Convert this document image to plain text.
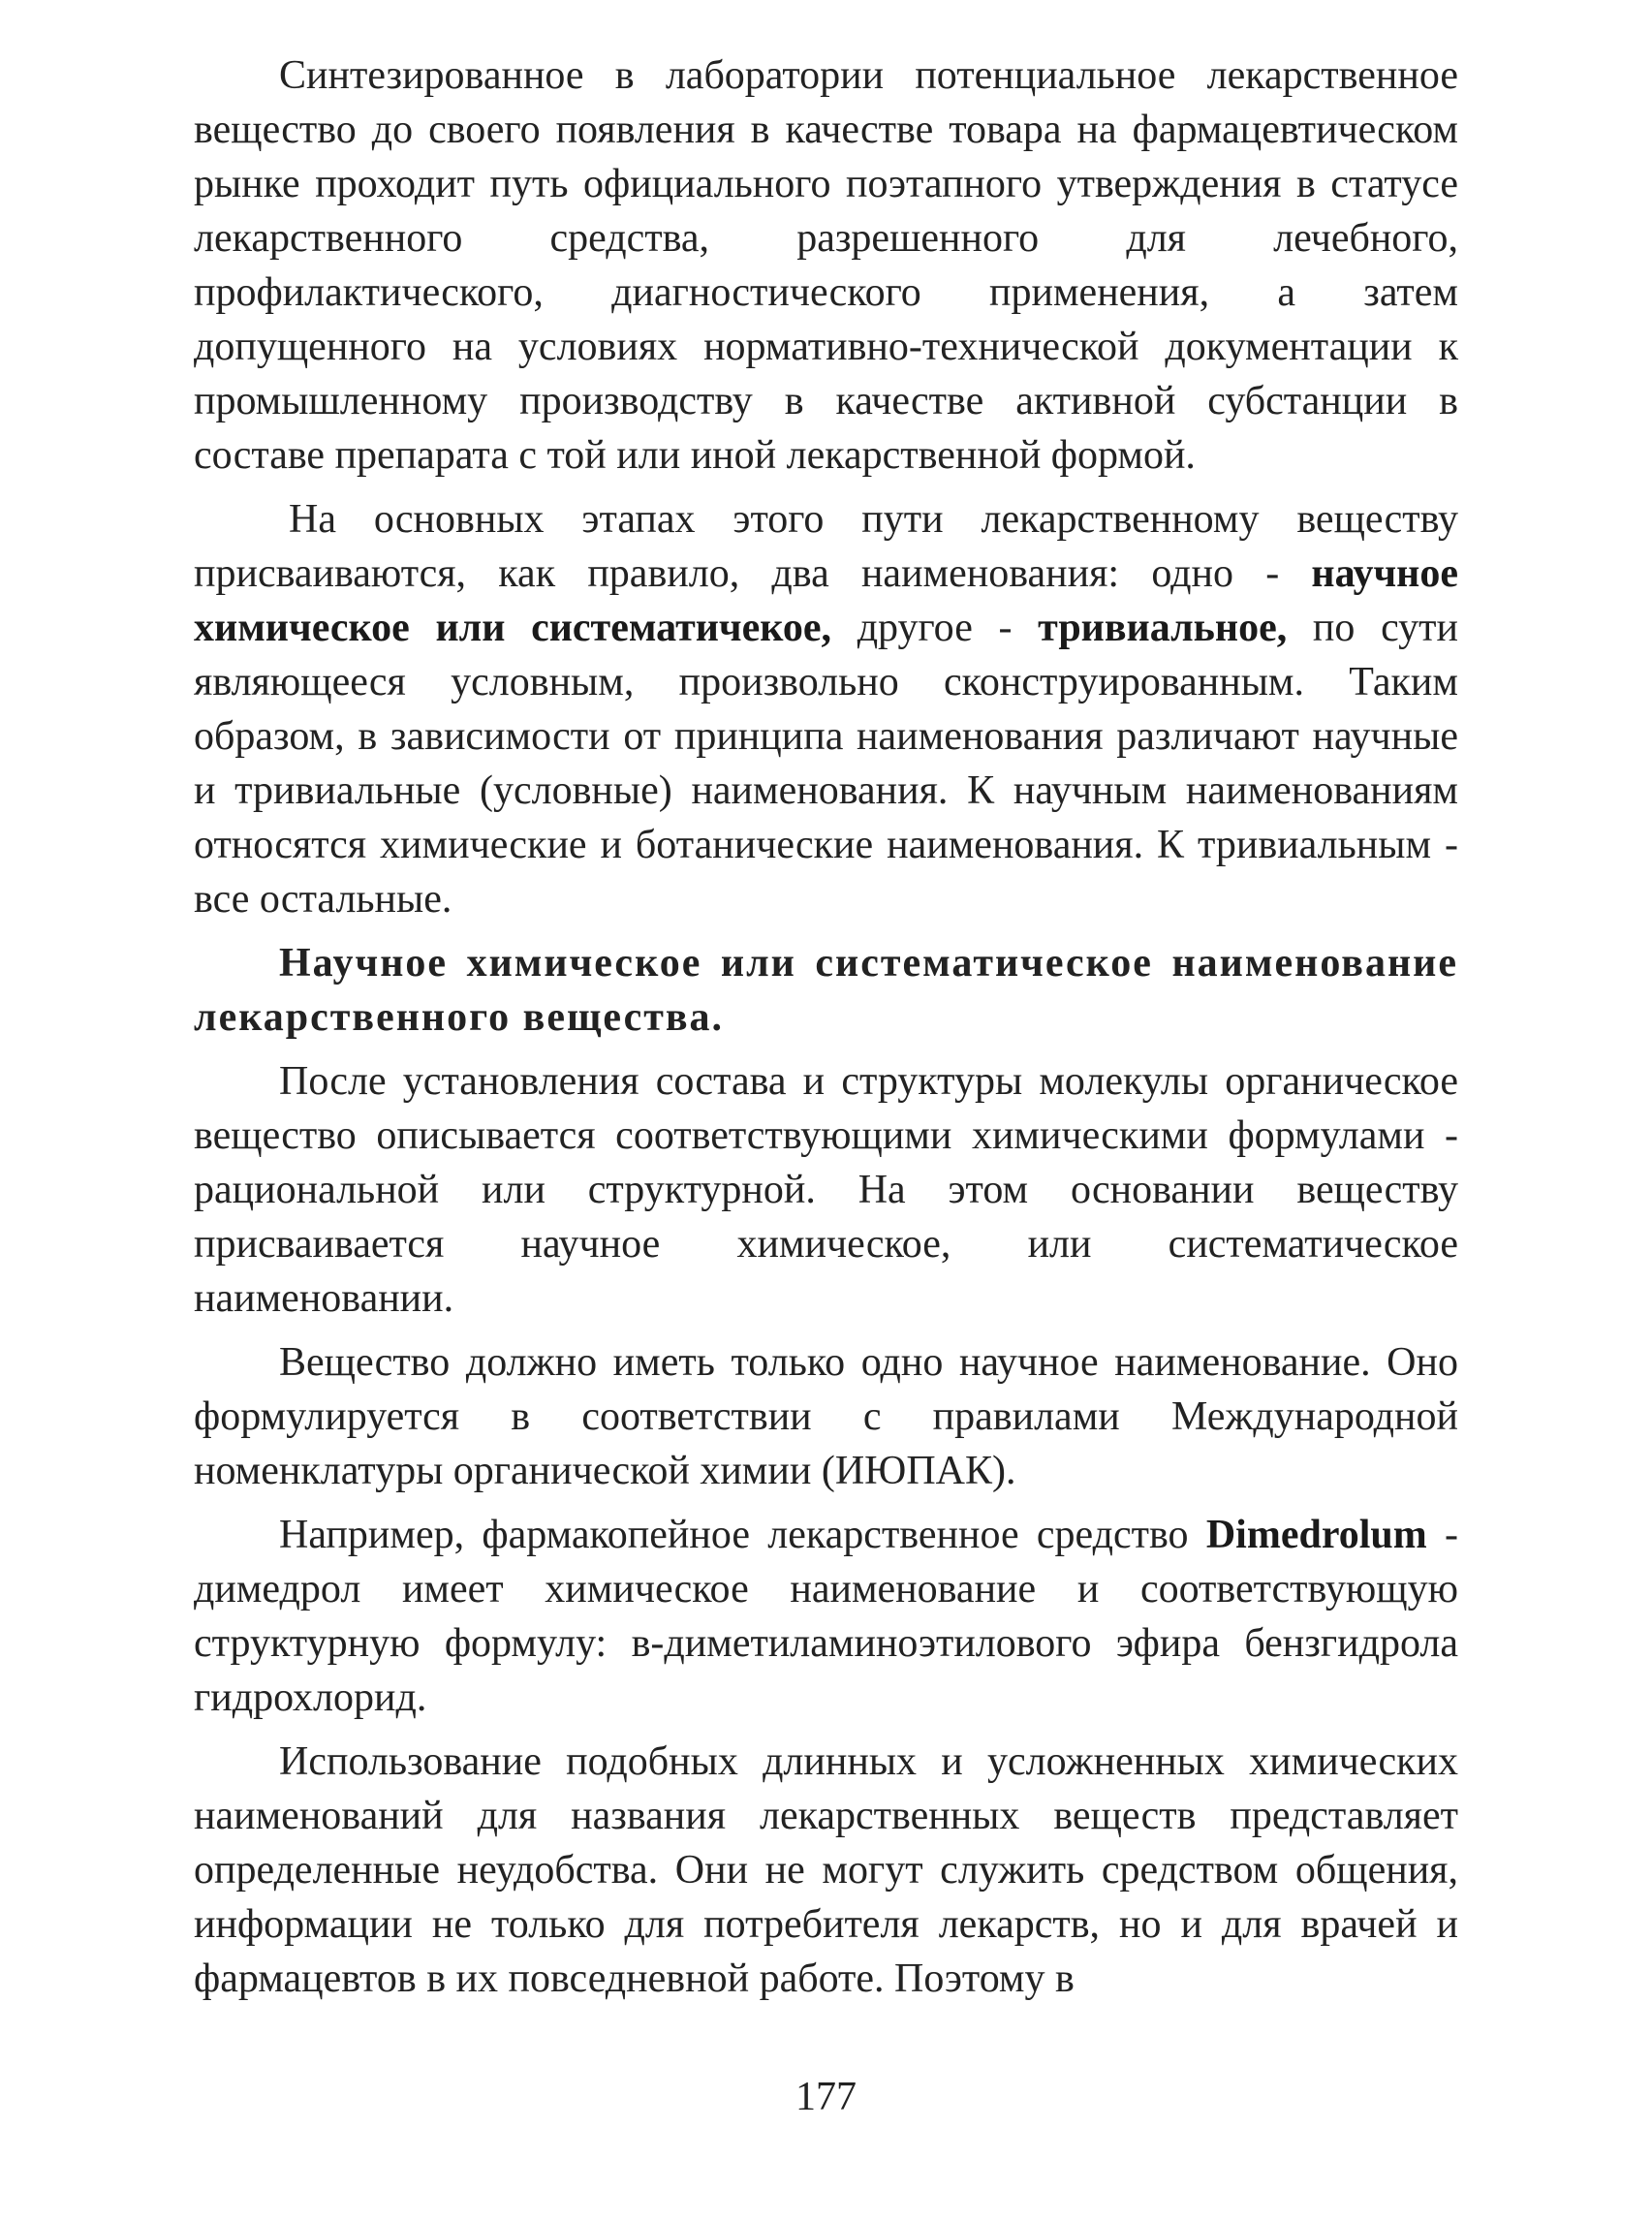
Синтезированное в лаборатории потенциальное лекарственное вещество до своего появления в качестве товара на фармацевтическом рынке проходит путь официального поэтапного утверждения в статусе лекарственного средства, разрешенного для лечебного, профилактического, диагностического применения, а затем допущенного на условиях нормативно-технической документации к промышленному производству в качестве активной субстанции в составе препарата с той или иной лекарственной формой.

На основных этапах этого пути лекарственному веществу присваиваются, как правило, два наименования: одно - научное химическое или систематичекое, другое - тривиальное, по сути являющееся условным, произвольно сконструированным. Таким образом, в зависимости от принципа наименования различают научные и тривиальные (условные) наименования. К научным наименованиям относятся химические и ботанические наименования. К тривиальным - все остальные.

Научное химическое или систематическое наименование лекарственного вещества.

После установления состава и структуры молекулы органическое вещество описывается соответствующими химическими формулами - рациональной или структурной. На этом основании веществу присваивается научное химическое, или систематическое наименовании.

Вещество должно иметь только одно научное наименование. Оно формулируется в соответствии с правилами Международной номенклатуры органической химии (ИЮПАК).

Например, фармакопейное лекарственное средство Dimedrolum - димедрол имеет химическое наименование и соответствующую структурную формулу: в-диметиламиноэтилового эфира бензгидрола гидрохлорид.

Использование подобных длинных и усложненных химических наименований для названия лекарственных веществ представляет определенные неудобства. Они не могут служить средством общения, информации не только для потребителя лекарств, но и для врачей и фармацевтов в их повседневной работе. Поэтому в

177
